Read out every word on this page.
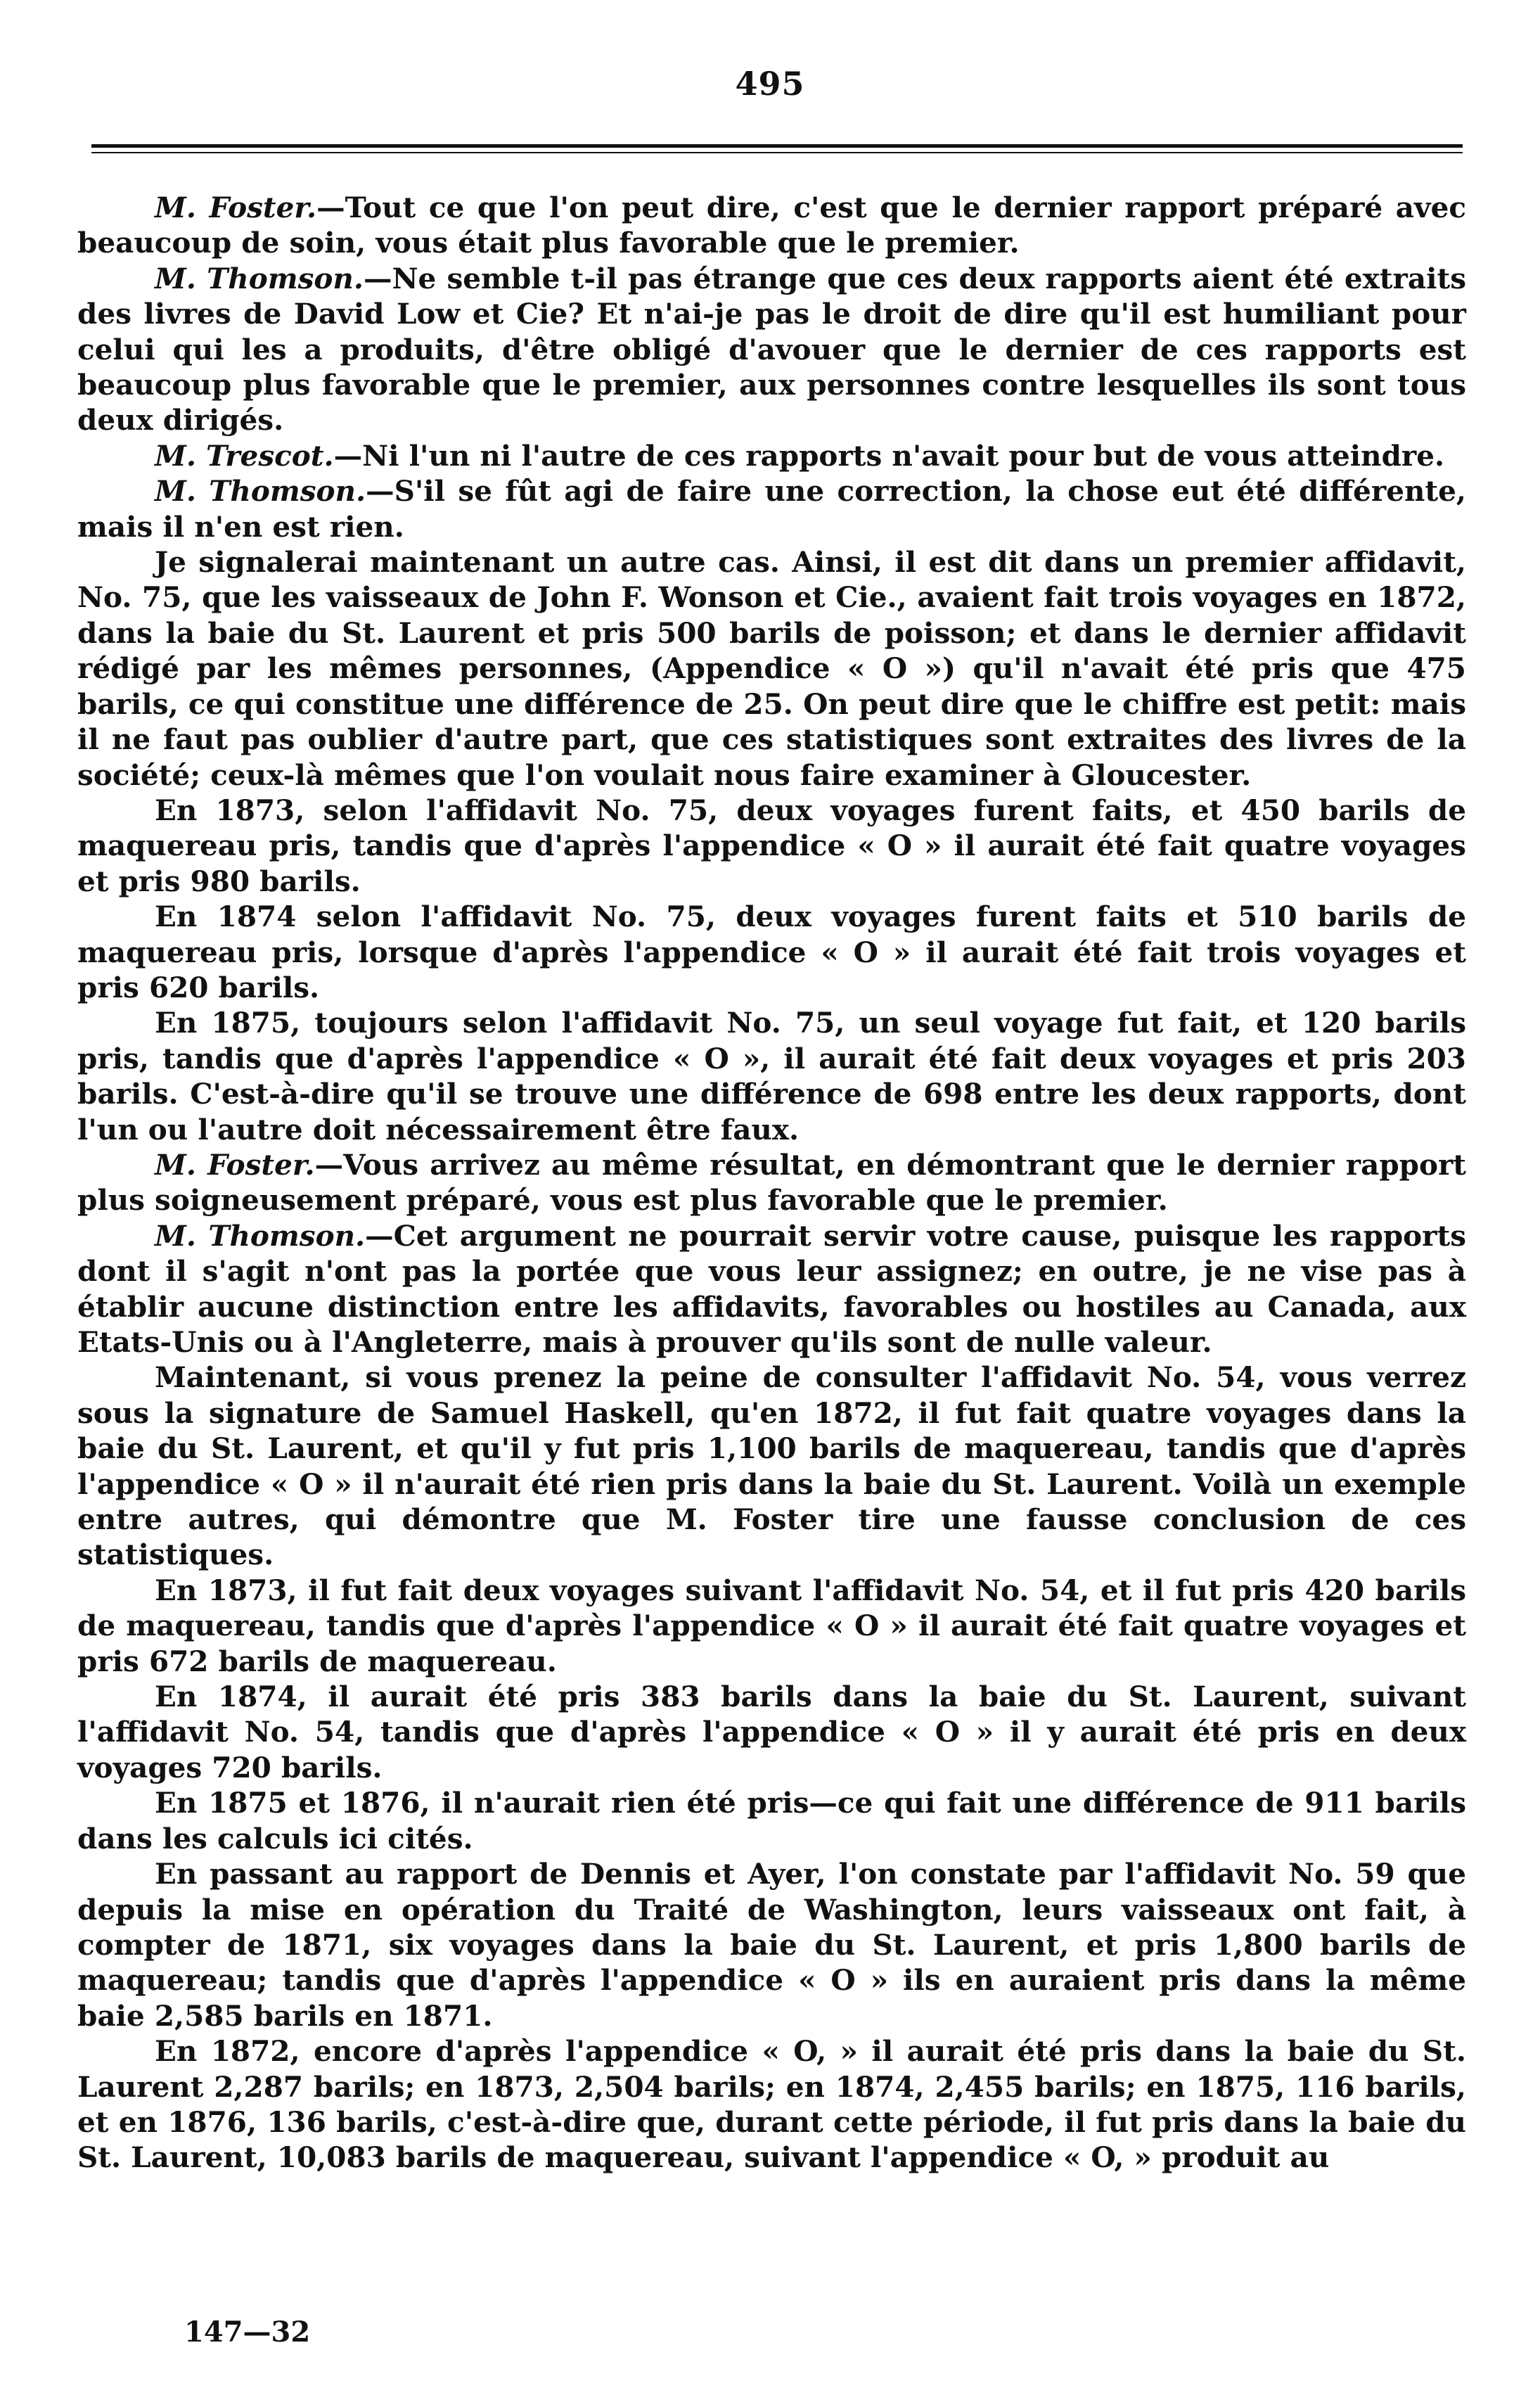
495

M. Foster.—Tout ce que l'on peut dire, c'est que le dernier rapport préparé avec beaucoup de soin, vous était plus favorable que le premier.

M. Thomson.—Ne semble t-il pas étrange que ces deux rapports aient été extraits des livres de David Low et Cie? Et n'ai-je pas le droit de dire qu'il est humiliant pour celui qui les a produits, d'être obligé d'avouer que le dernier de ces rapports est beaucoup plus favorable que le premier, aux personnes contre lesquelles ils sont tous deux dirigés.

M. Trescot.—Ni l'un ni l'autre de ces rapports n'avait pour but de vous atteindre.

M. Thomson.—S'il se fût agi de faire une correction, la chose eut été différente, mais il n'en est rien.

Je signalerai maintenant un autre cas. Ainsi, il est dit dans un premier affidavit, No. 75, que les vaisseaux de John F. Wonson et Cie., avaient fait trois voyages en 1872, dans la baie du St. Laurent et pris 500 barils de poisson; et dans le dernier affidavit rédigé par les mêmes personnes, (Appendice « O ») qu'il n'avait été pris que 475 barils, ce qui constitue une différence de 25. On peut dire que le chiffre est petit: mais il ne faut pas oublier d'autre part, que ces statistiques sont extraites des livres de la société; ceux-là mêmes que l'on voulait nous faire examiner à Gloucester.

En 1873, selon l'affidavit No. 75, deux voyages furent faits, et 450 barils de maquereau pris, tandis que d'après l'appendice « O » il aurait été fait quatre voyages et pris 980 barils.

En 1874 selon l'affidavit No. 75, deux voyages furent faits et 510 barils de maquereau pris, lorsque d'après l'appendice « O » il aurait été fait trois voyages et pris 620 barils.

En 1875, toujours selon l'affidavit No. 75, un seul voyage fut fait, et 120 barils pris, tandis que d'après l'appendice « O », il aurait été fait deux voyages et pris 203 barils. C'est-à-dire qu'il se trouve une différence de 698 entre les deux rapports, dont l'un ou l'autre doit nécessairement être faux.

M. Foster.—Vous arrivez au même résultat, en démontrant que le dernier rapport plus soigneusement préparé, vous est plus favorable que le premier.

M. Thomson.—Cet argument ne pourrait servir votre cause, puisque les rapports dont il s'agit n'ont pas la portée que vous leur assignez; en outre, je ne vise pas à établir aucune distinction entre les affidavits, favorables ou hostiles au Canada, aux Etats-Unis ou à l'Angleterre, mais à prouver qu'ils sont de nulle valeur.

Maintenant, si vous prenez la peine de consulter l'affidavit No. 54, vous verrez sous la signature de Samuel Haskell, qu'en 1872, il fut fait quatre voyages dans la baie du St. Laurent, et qu'il y fut pris 1,100 barils de maquereau, tandis que d'après l'appendice « O » il n'aurait été rien pris dans la baie du St. Laurent. Voilà un exemple entre autres, qui démontre que M. Foster tire une fausse conclusion de ces statistiques.

En 1873, il fut fait deux voyages suivant l'affidavit No. 54, et il fut pris 420 barils de maquereau, tandis que d'après l'appendice « O » il aurait été fait quatre voyages et pris 672 barils de maquereau.

En 1874, il aurait été pris 383 barils dans la baie du St. Laurent, suivant l'affidavit No. 54, tandis que d'après l'appendice « O » il y aurait été pris en deux voyages 720 barils.

En 1875 et 1876, il n'aurait rien été pris—ce qui fait une différence de 911 barils dans les calculs ici cités.

En passant au rapport de Dennis et Ayer, l'on constate par l'affidavit No. 59 que depuis la mise en opération du Traité de Washington, leurs vaisseaux ont fait, à compter de 1871, six voyages dans la baie du St. Laurent, et pris 1,800 barils de maquereau; tandis que d'après l'appendice « O » ils en auraient pris dans la même baie 2,585 barils en 1871.

En 1872, encore d'après l'appendice « O, » il aurait été pris dans la baie du St. Laurent 2,287 barils; en 1873, 2,504 barils; en 1874, 2,455 barils; en 1875, 116 barils, et en 1876, 136 barils, c'est-à-dire que, durant cette période, il fut pris dans la baie du St. Laurent, 10,083 barils de maquereau, suivant l'appendice « O, » produit au

147—32
